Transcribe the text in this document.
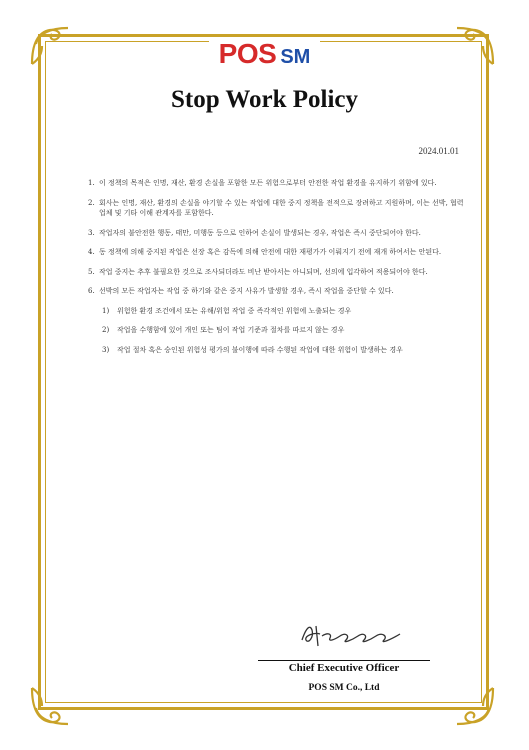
POS SM
Stop Work Policy
2024.01.01
1. 이 정책의 목적은 인명, 재산, 환경 손실을 포함한 모든 위험으로부터 안전한 작업 환경을 유지하기 위함에 있다.
2. 회사는 인명, 재산, 환경의 손실을 야기할 수 있는 작업에 대한 중지 정책을 전적으로 장려하고 지원하며, 이는 선박, 협력업체 및 기타 이해 관계자를 포함한다.
3. 작업자의 불안전한 행동, 태만, 미행동 등으로 인하여 손실이 발생되는 경우, 작업은 즉시 중단되어야 한다.
4. 동 정책에 의해 중지된 작업은 선장 혹은 감독에 의해 안전에 대한 재평가가 이뤄지기 전에 재개 하여서는 안된다.
5. 작업 중지는 추후 불필요한 것으로 조사되더라도 비난 받아서는 아니되며, 선의에 입각하여 적용되어야 한다.
6. 선박의 모든 작업자는 작업 중 하기와 같은 중지 사유가 발생할 경우, 즉시 작업을 중단할 수 있다.
1)	위험한 환경 조건에서 또는 유해/위험 작업 중 즉각적인 위험에 노출되는 경우
2)	작업을 수행함에 있어 개인 또는 팀이 작업 기준과 절차를 따르지 않는 경우
3)	작업 절차 혹은 승인된 위험성 평가의 불이행에 따라 수행된 작업에 대한 위험이 발생하는 경우
Chief Executive Officer
POS SM Co., Ltd
